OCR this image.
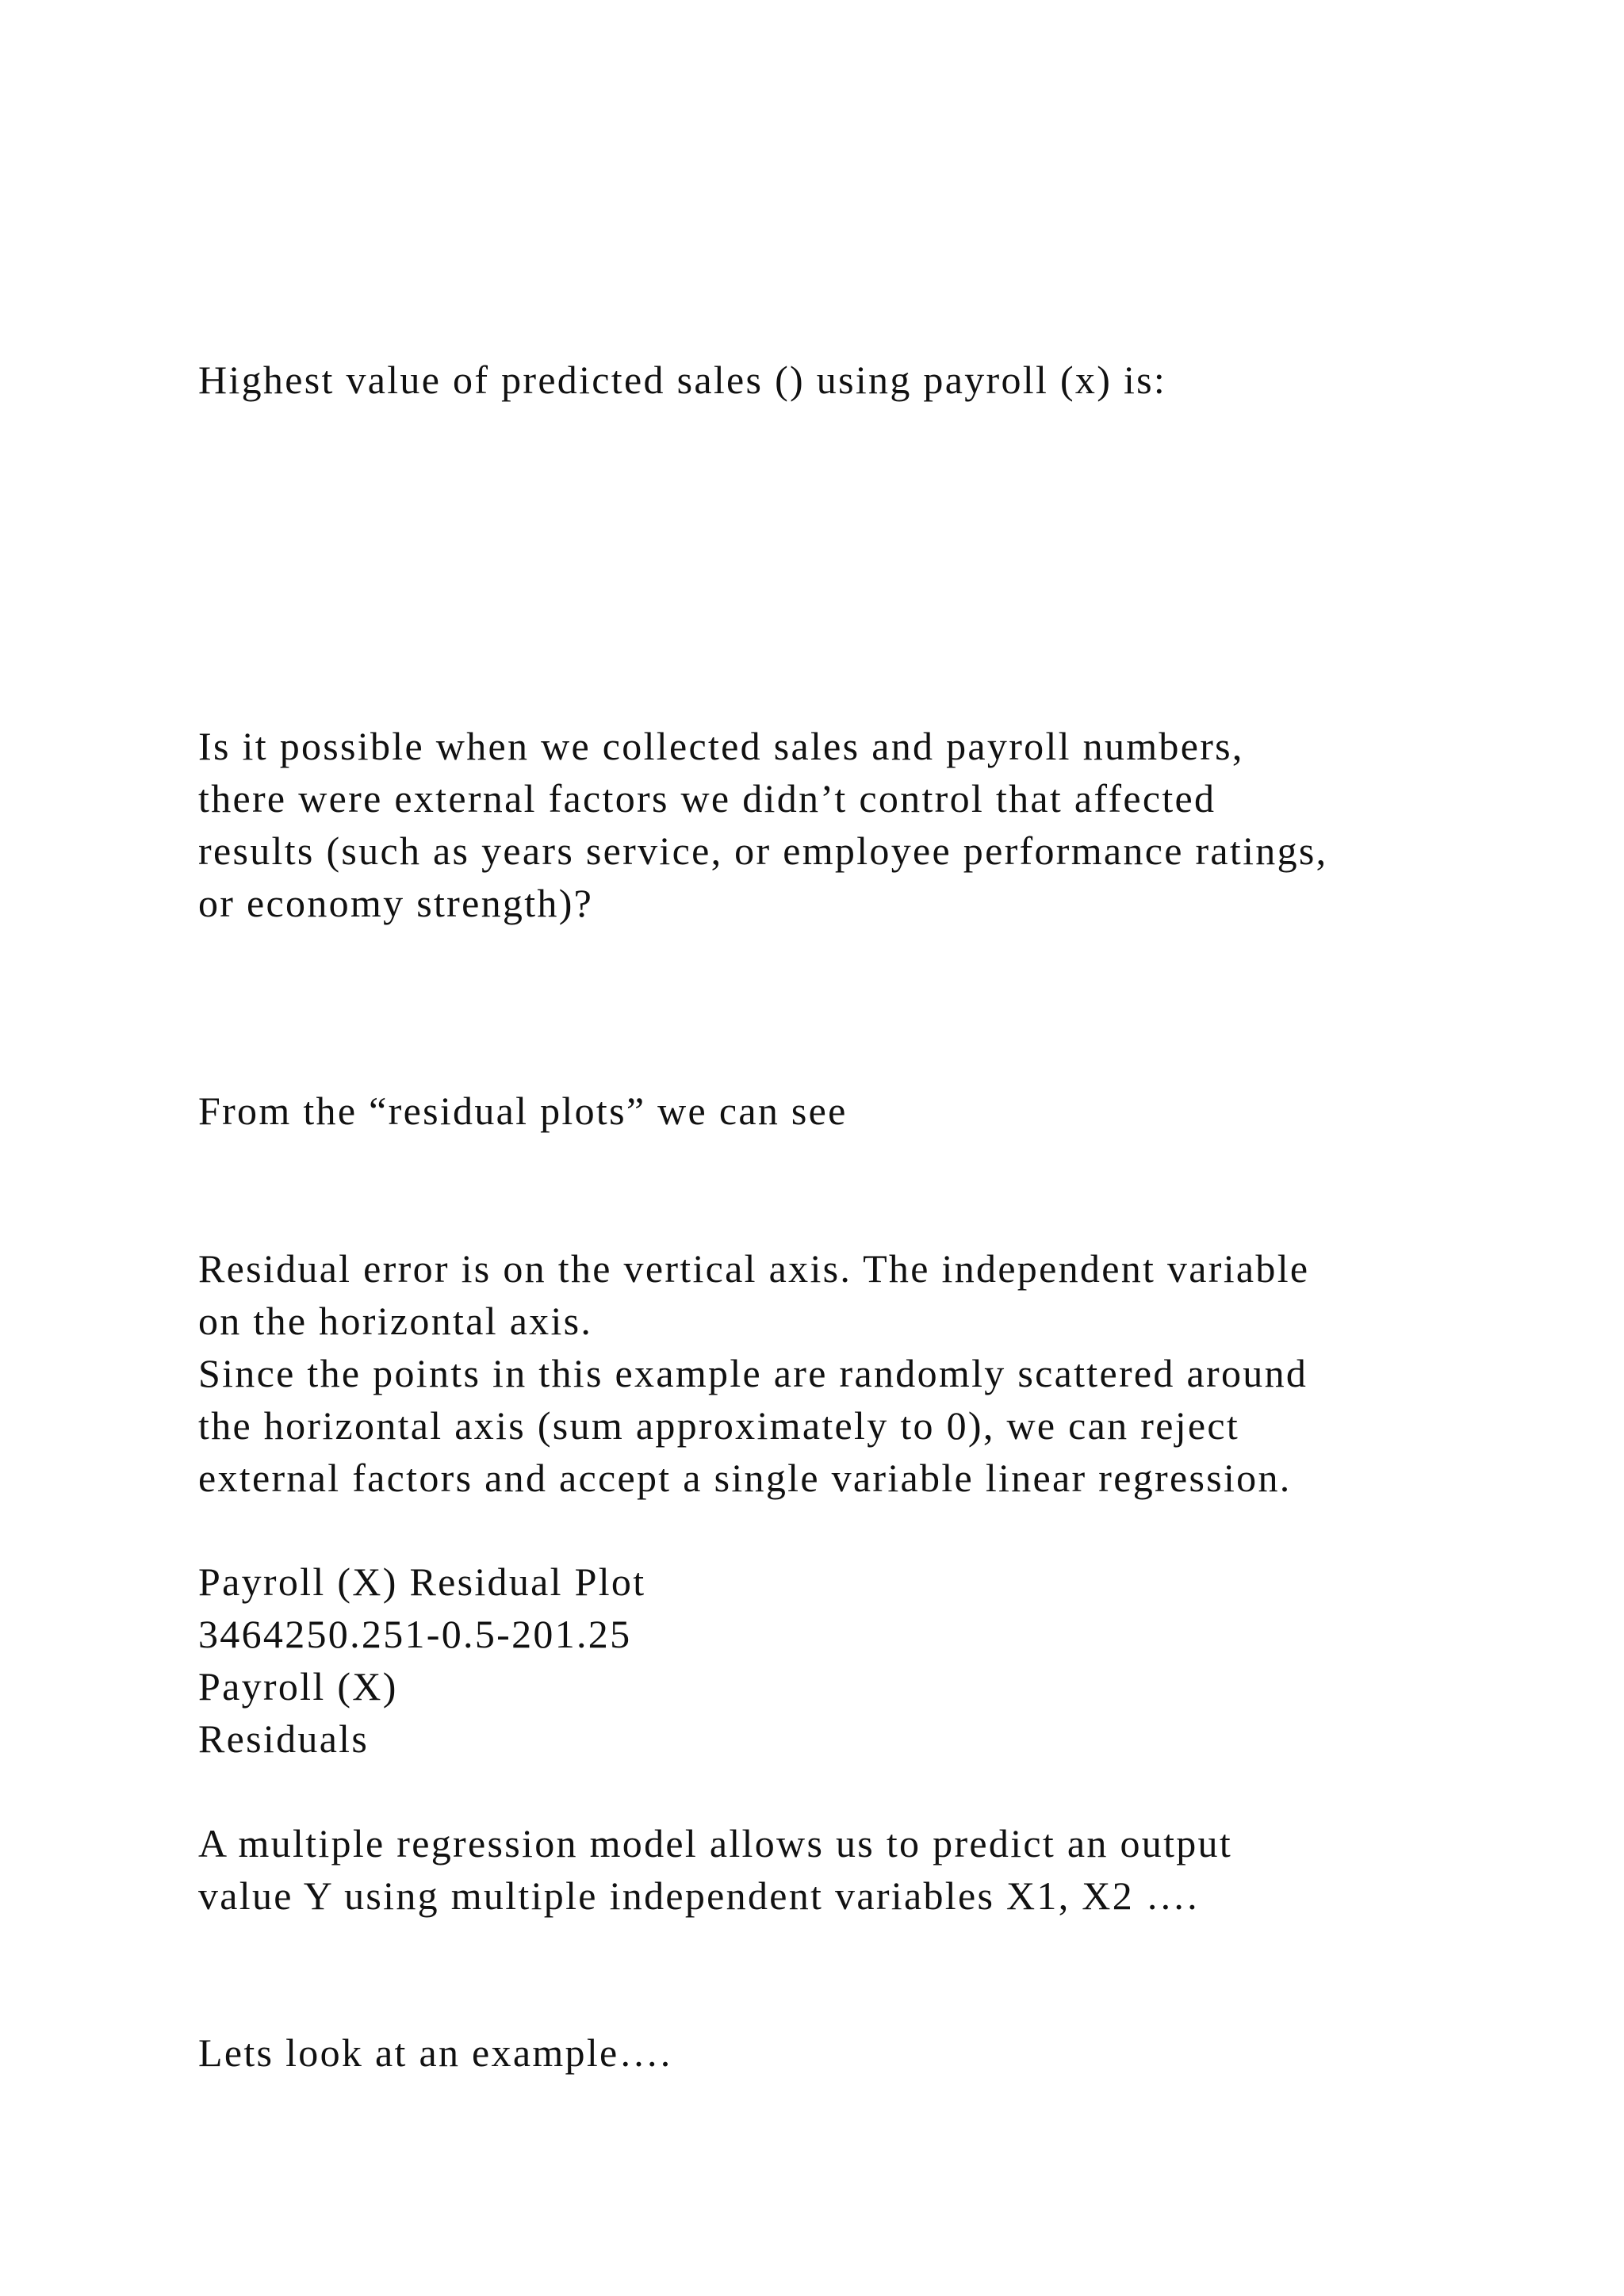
Highest value of predicted sales () using payroll (x) is:

Is it possible when we collected sales and payroll numbers,
there were external factors we didn’t control that affected
results (such as years service, or employee performance ratings,
or economy strength)?

From the “residual plots” we can see

Residual error is on the vertical axis. The independent variable
on the horizontal axis.
Since the points in this example are randomly scattered around
the horizontal axis (sum approximately to 0), we can reject
external factors and accept a single variable linear regression.

Payroll (X) Residual Plot
3464250.251-0.5-201.25
Payroll (X)
Residuals

A multiple regression model allows us to predict an output
value Y using multiple independent variables X1, X2 ….

Lets look at an example….
